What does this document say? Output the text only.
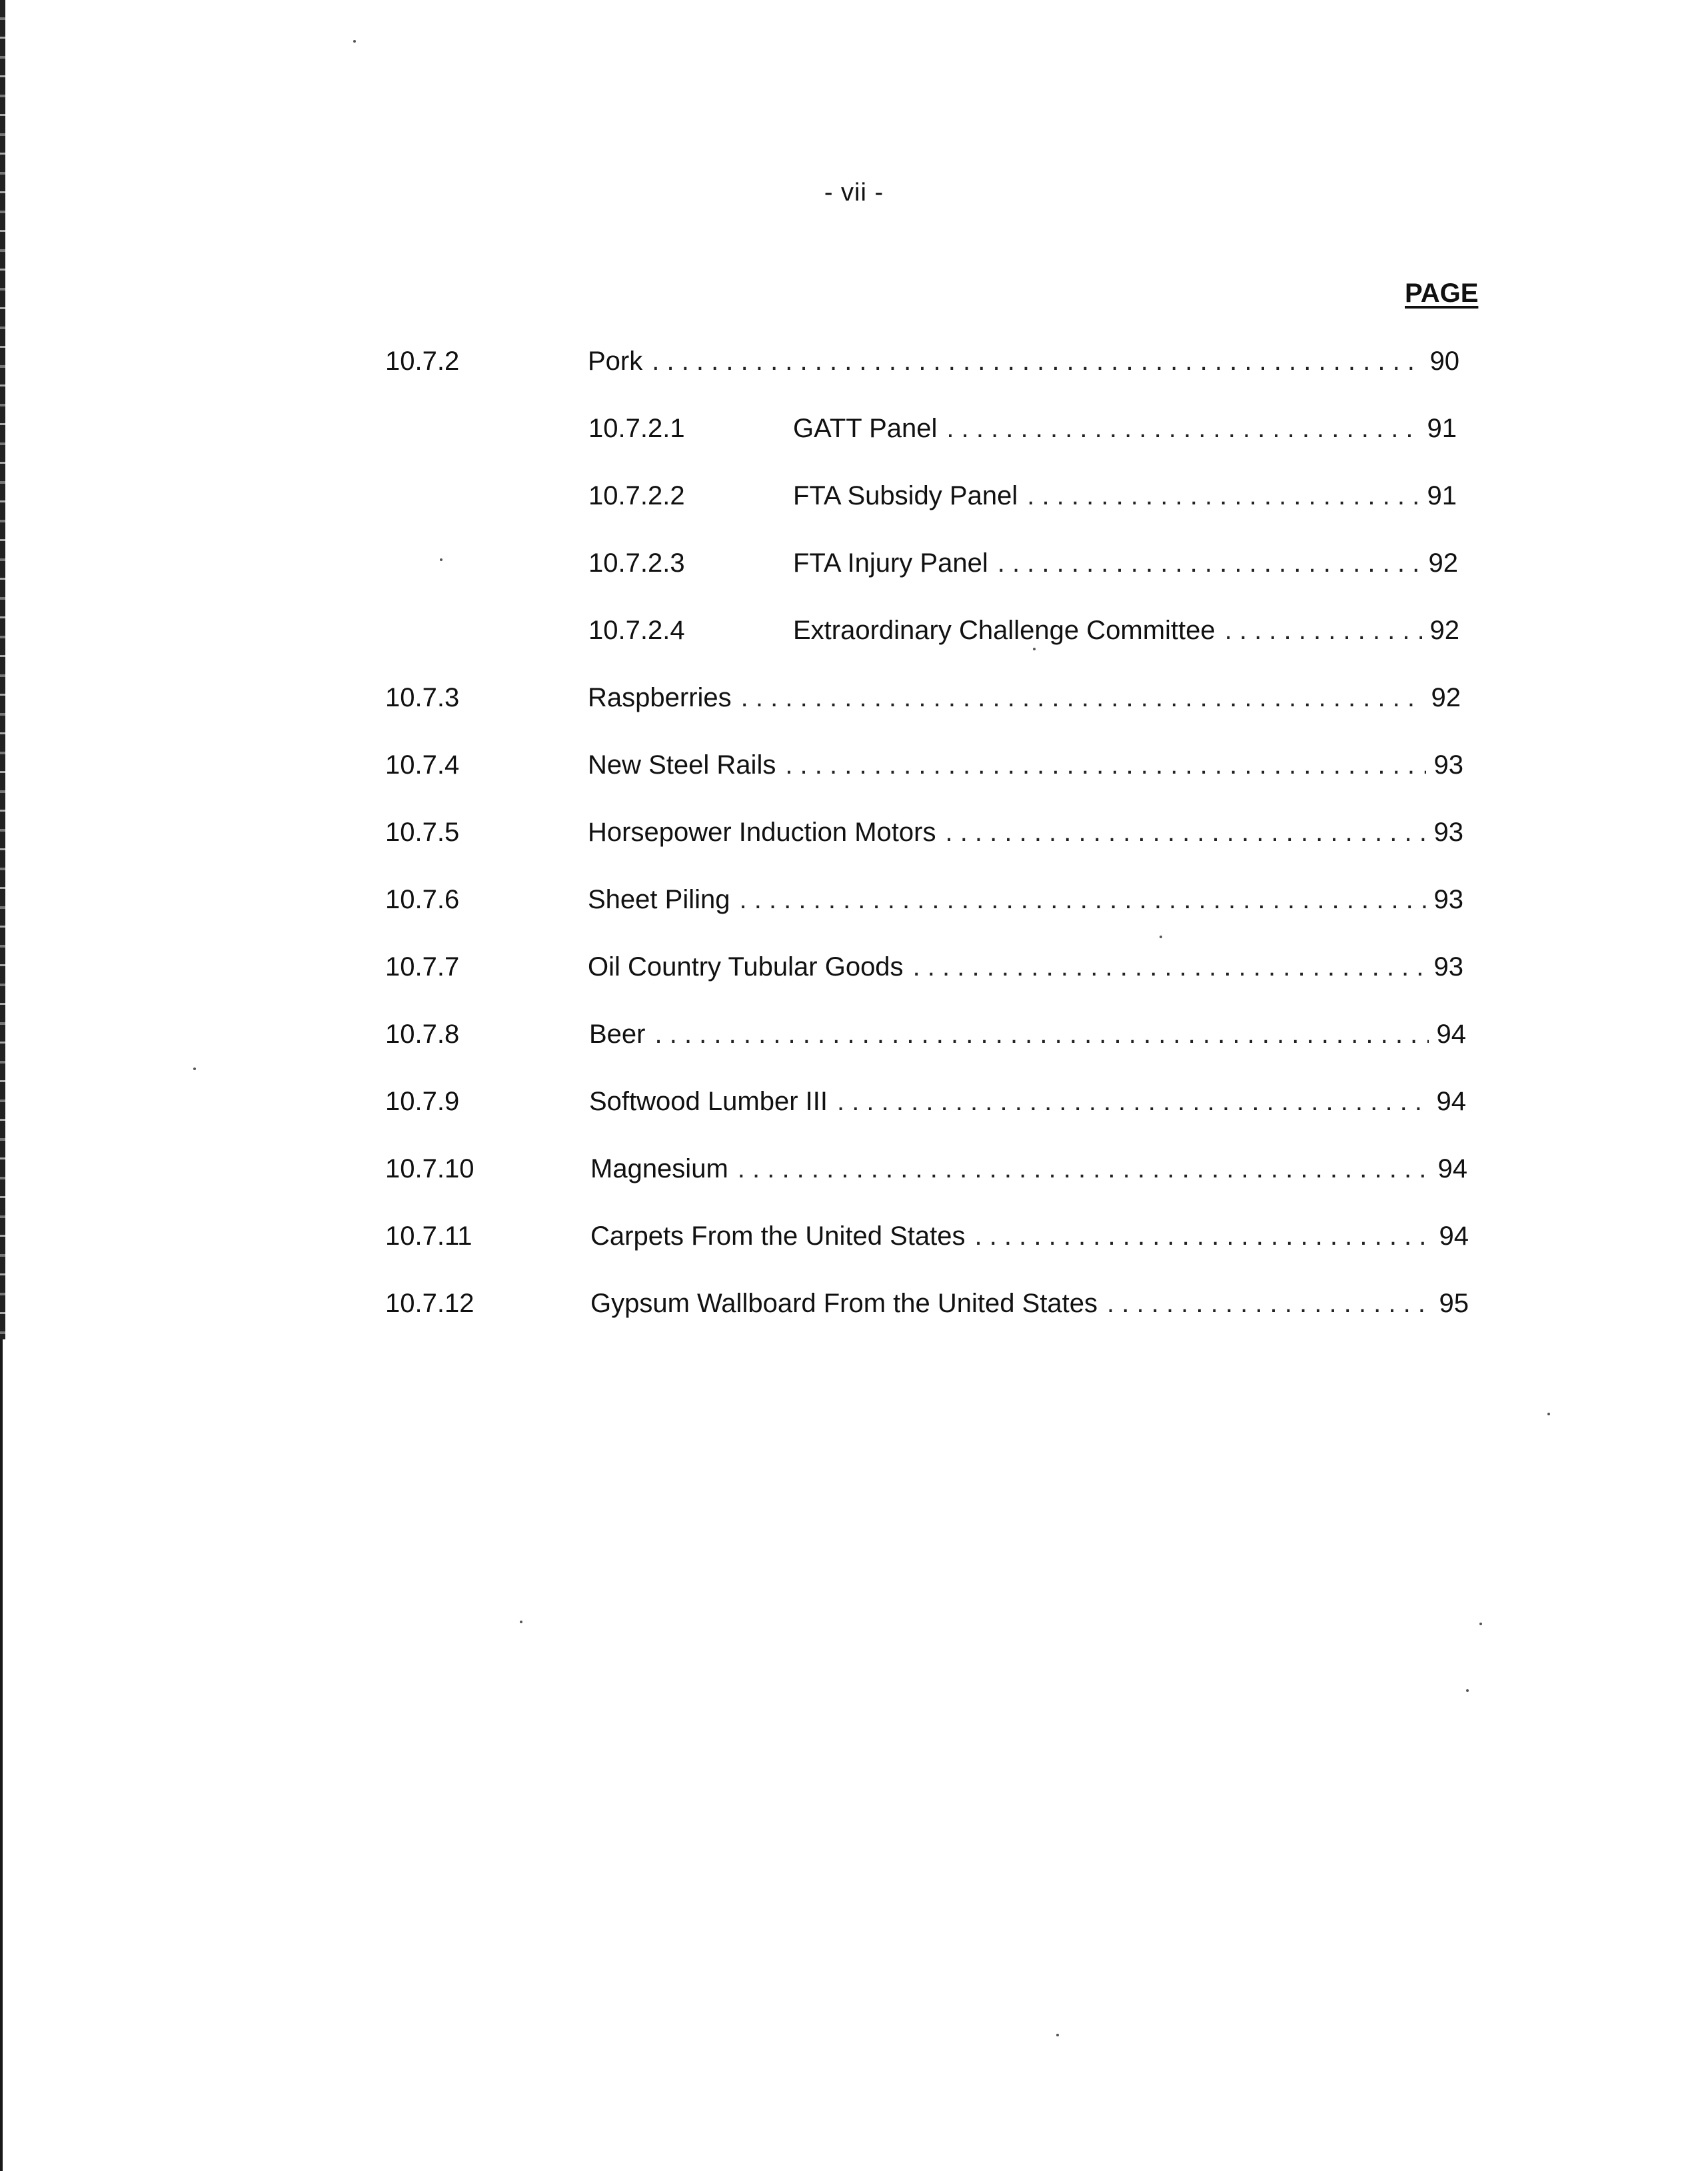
- vii -
PAGE
10.7.2	Pork . . .	90
10.7.2.1	GATT Panel . . .	91
10.7.2.2	FTA Subsidy Panel . . .	91
10.7.2.3	FTA Injury Panel . . .	92
10.7.2.4	Extraordinary Challenge Committee . . .	92
10.7.3	Raspberries . . .	92
10.7.4	New Steel Rails . . .	93
10.7.5	Horsepower Induction Motors . . .	93
10.7.6	Sheet Piling . . .	93
10.7.7	Oil Country Tubular Goods . . .	93
10.7.8	Beer . . .	94
10.7.9	Softwood Lumber III . . .	94
10.7.10	Magnesium . . .	94
10.7.11	Carpets From the United States . . .	94
10.7.12	Gypsum Wallboard From the United States . . .	95
